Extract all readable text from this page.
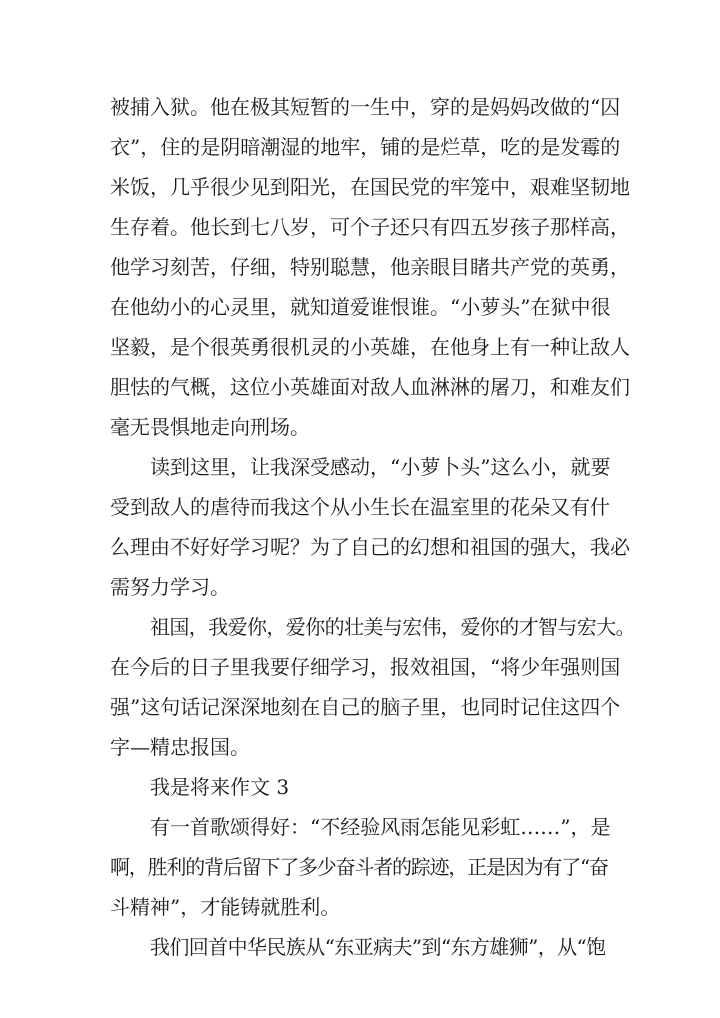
被捕入狱。他在极其短暂的一生中，穿的是妈妈改做的“囚
衣”，住的是阴暗潮湿的地牢，铺的是烂草，吃的是发霉的
米饭，几乎很少见到阳光，在国民党的牢笼中，艰难坚韧地
生存着。他长到七八岁，可个子还只有四五岁孩子那样高，
他学习刻苦，仔细，特别聪慧，他亲眼目睹共产党的英勇，
在他幼小的心灵里，就知道爱谁恨谁。“小萝头”在狱中很
坚毅，是个很英勇很机灵的小英雄，在他身上有一种让敌人
胆怯的气概，这位小英雄面对敌人血淋淋的屠刀，和难友们
毫无畏惧地走向刑场。
读到这里，让我深受感动，“小萝卜头”这么小，就要
受到敌人的虐待而我这个从小生长在温室里的花朵又有什
么理由不好好学习呢？为了自己的幻想和祖国的强大，我必
需努力学习。
祖国，我爱你，爱你的壮美与宏伟，爱你的才智与宏大。
在今后的日子里我要仔细学习，报效祖国，“将少年强则国
强”这句话记深深地刻在自己的脑子里，也同时记住这四个
字—精忠报国。
我是将来作文 3
有一首歌颂得好：“不经验风雨怎能见彩虹……”，是
啊，胜利的背后留下了多少奋斗者的踪迹，正是因为有了“奋
斗精神”，才能铸就胜利。
我们回首中华民族从“东亚病夫”到“东方雄狮”，从“饱
